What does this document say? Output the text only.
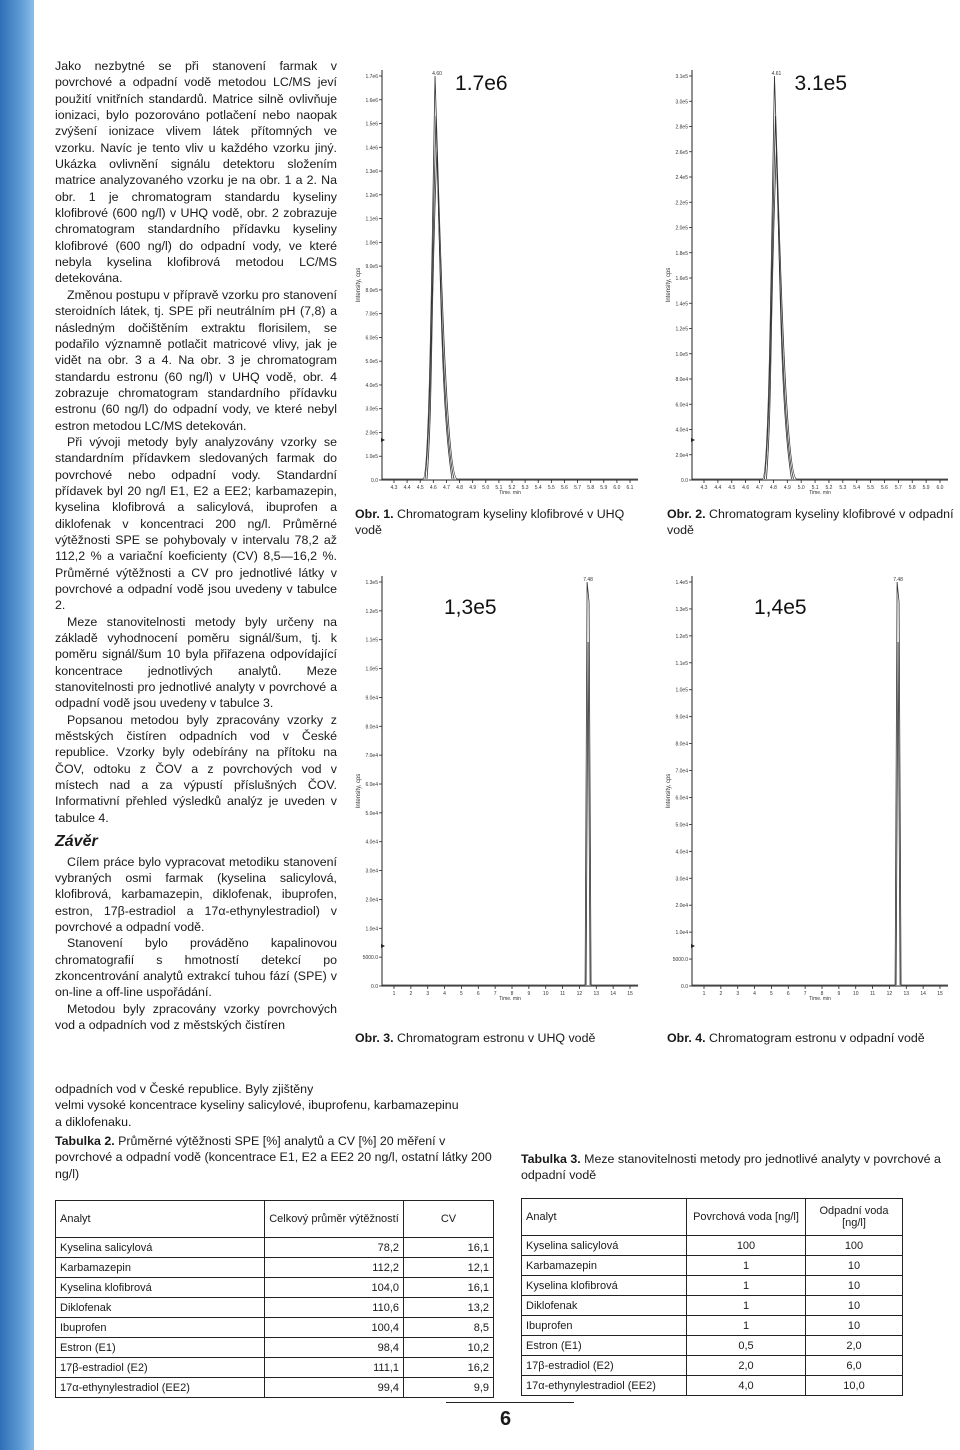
Jako nezbytné se při stanovení farmak v povrchové a odpadní vodě metodou LC/MS jeví použití vnitřních standardů. Matrice silně ovlivňuje ionizaci, bylo pozorováno potlačení nebo naopak zvýšení ionizace vlivem látek přítomných ve vzorku. Navíc je tento vliv u každého vzorku jiný. Ukázka ovlivnění signálu detektoru složením matrice analyzovaného vzorku je na obr. 1 a 2. Na obr. 1 je chromatogram standardu kyseliny klofibrové (600 ng/l) v UHQ vodě, obr. 2 zobrazuje chromatogram standardního přídavku kyseliny klofibrové (600 ng/l) do odpadní vody, ve které nebyla kyselina klofibrová metodou LC/MS detekována.

Změnou postupu v přípravě vzorku pro stanovení steroidních látek, tj. SPE při neutrálním pH (7,8) a následným dočištěním extraktu florisilem, se podařilo významně potlačit matricové vlivy, jak je vidět na obr. 3 a 4. Na obr. 3 je chromatogram standardu estronu (60 ng/l) v UHQ vodě, obr. 4 zobrazuje chromatogram standardního přídavku estronu (60 ng/l) do odpadní vody, ve které nebyl estron metodou LC/MS detekován.

Při vývoji metody byly analyzovány vzorky se standardním přídavkem sledovaných farmak do povrchové nebo odpadní vody. Standardní přídavek byl 20 ng/l E1, E2 a EE2; karbamazepin, kyselina klofibrová a salicylová, ibuprofen a diklofenak v koncentraci 200 ng/l. Průměrné výtěžnosti SPE se pohybovaly v intervalu 78,2 až 112,2 % a variační koeficienty (CV) 8,5—16,2 %. Průměrné výtěžnosti a CV pro jednotlivé látky v povrchové a odpadní vodě jsou uvedeny v tabulce 2.

Meze stanovitelnosti metody byly určeny na základě vyhodnocení poměru signál/šum, tj. k poměru signál/šum 10 byla přiřazena odpovídající koncentrace jednotlivých analytů. Meze stanovitelnosti pro jednotlivé analyty v povrchové a odpadní vodě jsou uvedeny v tabulce 3.

Popsanou metodou byly zpracovány vzorky z městských čistíren odpadních vod v České republice. Vzorky byly odebírány na přítoku na ČOV, odtoku z ČOV a z povrchových vod v místech nad a za výpustí příslušných ČOV. Informativní přehled výsledků analýz je uveden v tabulce 4.

Závěr

Cílem práce bylo vypracovat metodiku stanovení vybraných osmi farmak (kyselina salicylová, klofibrová, karbamazepin, diklofenak, ibuprofen, estron, 17β-estradiol a 17α-ethynylestradiol) v povrchové a odpadní vodě.

Stanovení bylo prováděno kapalinovou chromatografií s hmotností detekcí po zkoncentrování analytů extrakcí tuhou fází (SPE) v on-line a off-line uspořádání.

Metodou byly zpracovány vzorky povrchových vod a odpadních vod z městských čistíren

odpadních vod v České republice. Byly zjištěny

velmi vysoké koncentrace kyseliny salicylové, ibuprofenu, karbamazepinu

a diklofenaku.

1.7e6
1.6e6
1.5e6
1.4e6
1.3e6
1.2e6
1.1e6
1.0e6
9.0e5
8.0e5
7.0e5
6.0e5
5.0e5
4.0e5
3.0e5
2.0e5
1.0e5
0.0
4.3 4.4 4.5 4.6 4.7 4.8 4.9 5.0 5.1 5.2 5.3 5.4 5.5 5.6 5.7 5.8 5.9 6.0 6.1
Time, min
Intensity, cps
4.60 1.7e6	3.1e5
3.0e5
2.8e5
2.6e5
2.4e5
2.2e5
2.0e5
1.8e5
1.6e5
1.4e5
1.2e5
1.0e5
8.0e4
6.0e4
4.0e4
2.0e4
0.0
4.3 4.4 4.5 4.6 4.7 4.8 4.9 5.0 5.1 5.2 5.3 5.4 5.5 5.6 5.7 5.8 5.9 6.0
Time, min
Intensity, cps
4.61 3.1e5
1.3e5
1.2e5
1.1e5
1.0e5
9.0e4
8.0e4
7.0e4
6.0e4
5.0e4
4.0e4
3.0e4
2.0e4
1.0e4
5000.0
0.0
1	2	3	4	5	6	7	8	9	10 11 12 13 14 15
Time, min
Intensity, cps
7.48
1,3e5
1.4e5
1.3e5
1.2e5
1.1e5
1.0e5
9.0e4
8.0e4
7.0e4
6.0e4
5.0e4
4.0e4
3.0e4
2.0e4
1.0e4
5000.0
0.0
1	2	3	4	5	6	7	8	9	10 11 12 13 14 15
Time, min
Intensity, cps
7.48
1,4e5
Obr. 1. Chromatogram kyseliny klofibrové v UHQ vodě
Obr. 2. Chromatogram kyseliny klofibrové v odpadní vodě
Obr. 3. Chromatogram estronu v UHQ vodě	Obr. 4. Chromatogram estronu v odpadní vodě
Tabulka 2. Průměrné výtěžnosti SPE [%] analytů a CV [%] 20 měření v povrchové a odpadní vodě (koncentrace E1, E2 a EE2 20 ng/l, ostatní látky 200 ng/l)
Analyt	Celkový průměr výtěžností	CV
Kyselina salicylová	78,2	16,1
Karbamazepin	112,2	12,1
Kyselina klofibrová	104,0	16,1
Diklofenak	110,6	13,2
Ibuprofen	100,4	8,5
Estron (E1)	98,4	10,2
17β-estradiol (E2)	111,1	16,2
17α-ethynylestradiol (EE2)	99,4	9,9
Tabulka 3. Meze stanovitelnosti metody pro jednotlivé analyty v povrchové a odpadní vodě
Analyt	Povrchová voda [ng/l]	Odpadní voda [ng/l]
Kyselina salicylová	100	100
Karbamazepin	1	10
Kyselina klofibrová	1	10
Diklofenak	1	10
Ibuprofen	1	10
Estron (E1)	0,5	2,0
17β-estradiol (E2)	2,0	6,0
17α-ethynylestradiol (EE2)	4,0	10,0
6
